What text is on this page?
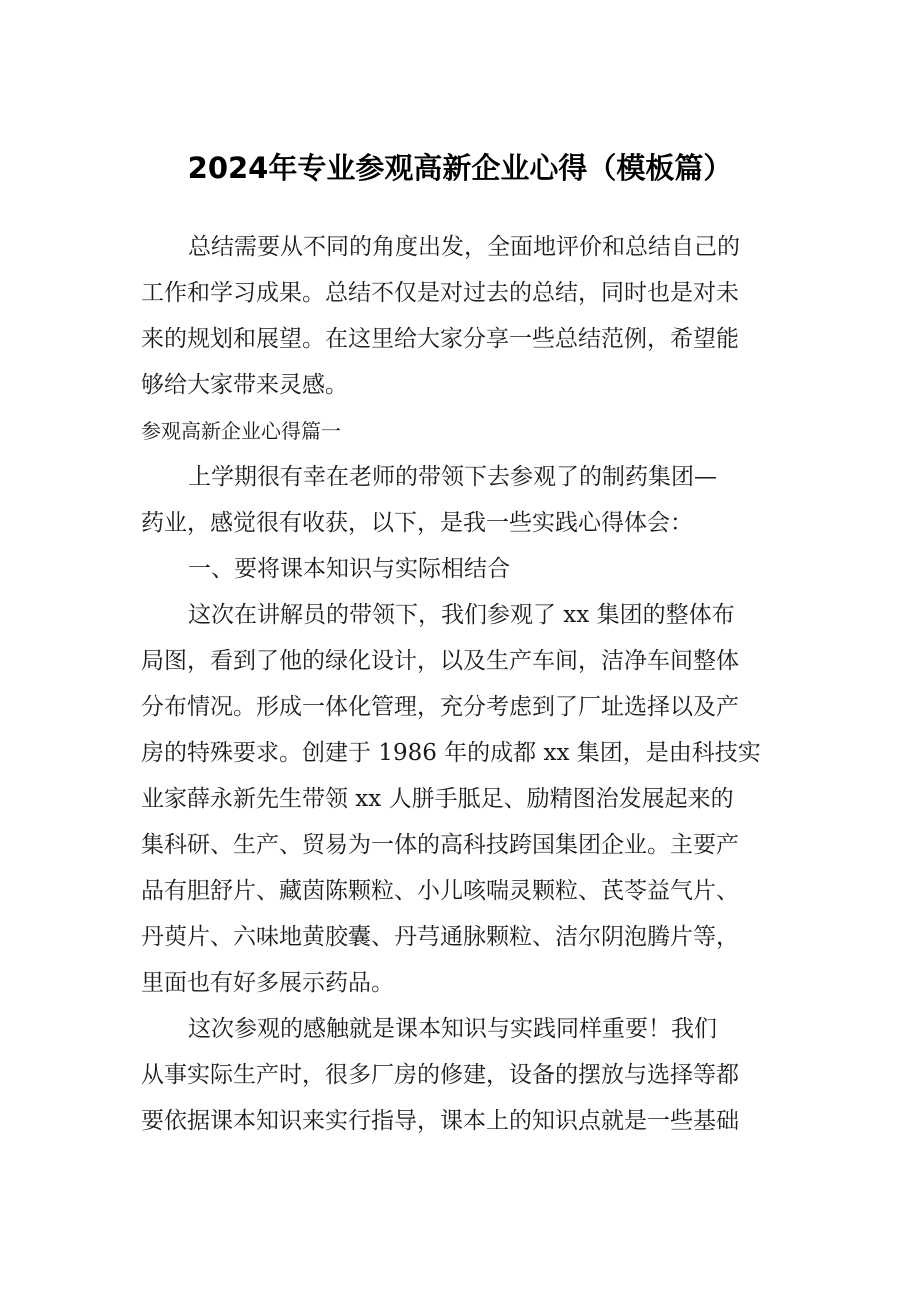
2024年专业参观高新企业心得（模板篇）
总结需要从不同的角度出发，全面地评价和总结自己的
工作和学习成果。总结不仅是对过去的总结，同时也是对未
来的规划和展望。在这里给大家分享一些总结范例，希望能
够给大家带来灵感。
参观高新企业心得篇一
上学期很有幸在老师的带领下去参观了的制药集团—
药业，感觉很有收获，以下，是我一些实践心得体会：
一、要将课本知识与实际相结合
这次在讲解员的带领下，我们参观了 xx 集团的整体布
局图，看到了他的绿化设计，以及生产车间，洁净车间整体
分布情况。形成一体化管理，充分考虑到了厂址选择以及产
房的特殊要求。创建于 1986 年的成都 xx 集团，是由科技实
业家薛永新先生带领 xx 人胼手胝足、励精图治发展起来的
集科研、生产、贸易为一体的高科技跨国集团企业。主要产
品有胆舒片、藏茵陈颗粒、小儿咳喘灵颗粒、芪苓益气片、
丹萸片、六味地黄胶囊、丹芎通脉颗粒、洁尔阴泡腾片等，
里面也有好多展示药品。
这次参观的感触就是课本知识与实践同样重要！我们
从事实际生产时，很多厂房的修建，设备的摆放与选择等都
要依据课本知识来实行指导，课本上的知识点就是一些基础
